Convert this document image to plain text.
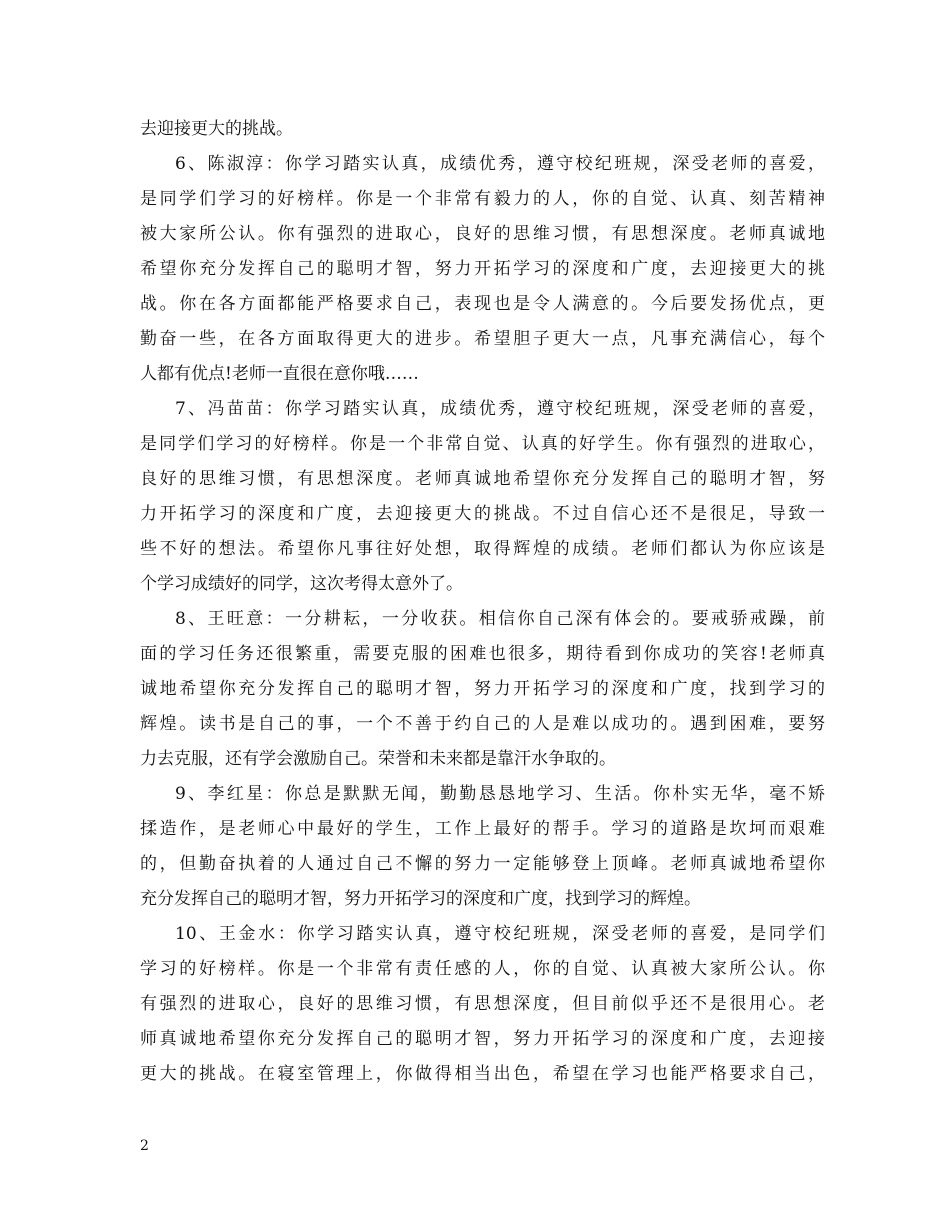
去迎接更大的挑战。
6、陈淑淳：你学习踏实认真，成绩优秀，遵守校纪班规，深受老师的喜爱，
是同学们学习的好榜样。你是一个非常有毅力的人，你的自觉、认真、刻苦精神
被大家所公认。你有强烈的进取心，良好的思维习惯，有思想深度。老师真诚地
希望你充分发挥自己的聪明才智，努力开拓学习的深度和广度，去迎接更大的挑
战。你在各方面都能严格要求自己，表现也是令人满意的。今后要发扬优点，更
勤奋一些，在各方面取得更大的进步。希望胆子更大一点，凡事充满信心，每个
人都有优点!老师一直很在意你哦……
7、冯苗苗：你学习踏实认真，成绩优秀，遵守校纪班规，深受老师的喜爱，
是同学们学习的好榜样。你是一个非常自觉、认真的好学生。你有强烈的进取心，
良好的思维习惯，有思想深度。老师真诚地希望你充分发挥自己的聪明才智，努
力开拓学习的深度和广度，去迎接更大的挑战。不过自信心还不是很足，导致一
些不好的想法。希望你凡事往好处想，取得辉煌的成绩。老师们都认为你应该是
个学习成绩好的同学，这次考得太意外了。
8、王旺意：一分耕耘，一分收获。相信你自己深有体会的。要戒骄戒躁，前
面的学习任务还很繁重，需要克服的困难也很多，期待看到你成功的笑容!老师真
诚地希望你充分发挥自己的聪明才智，努力开拓学习的深度和广度，找到学习的
辉煌。读书是自己的事，一个不善于约自己的人是难以成功的。遇到困难，要努
力去克服，还有学会激励自己。荣誉和未来都是靠汗水争取的。
9、李红星：你总是默默无闻，勤勤恳恳地学习、生活。你朴实无华，毫不矫
揉造作，是老师心中最好的学生，工作上最好的帮手。学习的道路是坎坷而艰难
的，但勤奋执着的人通过自己不懈的努力一定能够登上顶峰。老师真诚地希望你
充分发挥自己的聪明才智，努力开拓学习的深度和广度，找到学习的辉煌。
10、王金水：你学习踏实认真，遵守校纪班规，深受老师的喜爱，是同学们
学习的好榜样。你是一个非常有责任感的人，你的自觉、认真被大家所公认。你
有强烈的进取心，良好的思维习惯，有思想深度，但目前似乎还不是很用心。老
师真诚地希望你充分发挥自己的聪明才智，努力开拓学习的深度和广度，去迎接
更大的挑战。在寝室管理上，你做得相当出色，希望在学习也能严格要求自己，
2
